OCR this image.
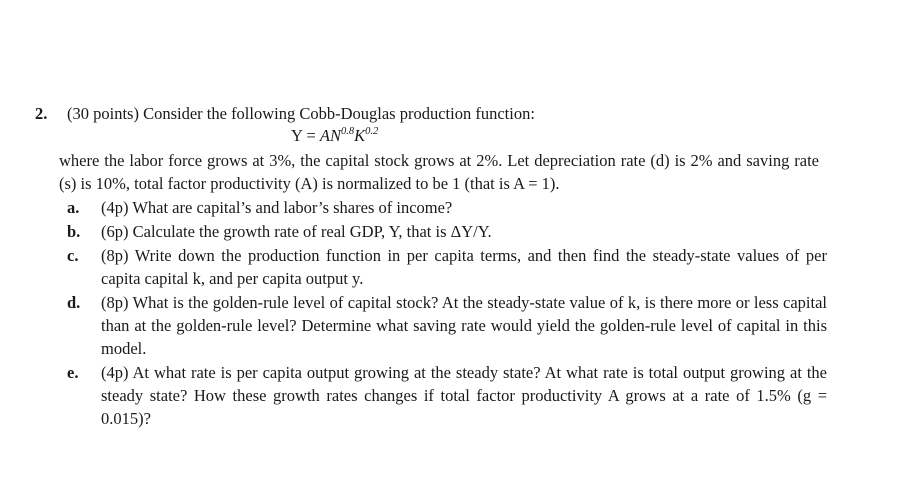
2.	(30 points) Consider the following Cobb-Douglas production function:
$Y = AN^{0.8}K^{0.2}$
where the labor force grows at 3%, the capital stock grows at 2%. Let depreciation rate (d) is 2% and saving rate (s) is 10%, total factor productivity (A) is normalized to be 1 (that is A = 1).
a.	(4p) What are capital’s and labor’s shares of income?
b.	(6p) Calculate the growth rate of real GDP, Y, that is ΔY/Y.
c.	(8p) Write down the production function in per capita terms, and then find the steady-state values of per capita capital k, and per capita output y.
d.	(8p) What is the golden-rule level of capital stock? At the steady-state value of k, is there more or less capital than at the golden-rule level? Determine what saving rate would yield the golden-rule level of capital in this model.
e.	(4p) At what rate is per capita output growing at the steady state? At what rate is total output growing at the steady state? How these growth rates changes if total factor productivity A grows at a rate of 1.5% (g = 0.015)?
